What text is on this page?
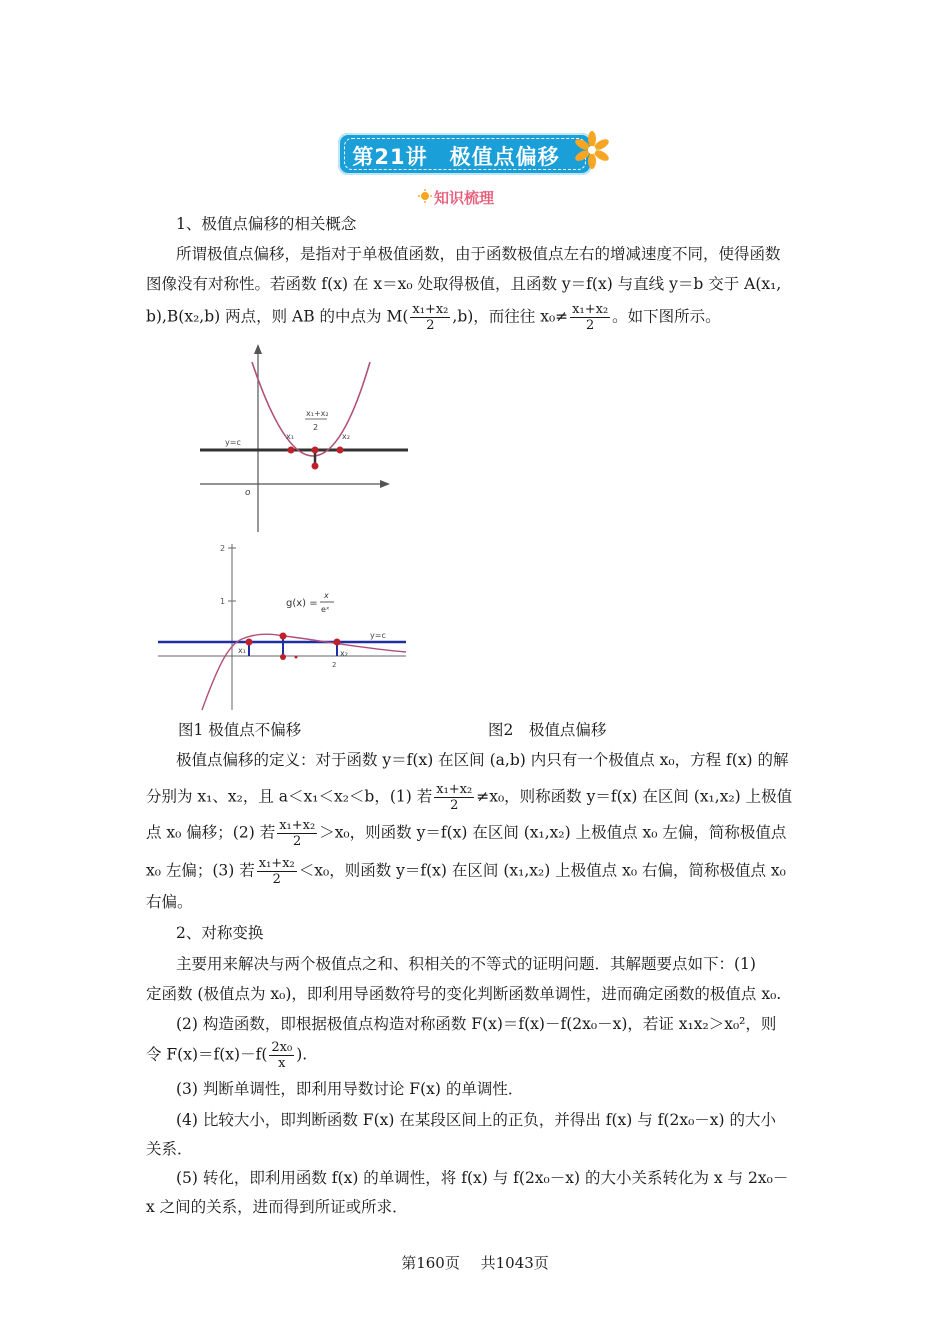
第21讲　极值点偏移
知识梳理
1、极值点偏移的相关概念
所谓极值点偏移，是指对于单极值函数，由于函数极值点左右的增减速度不同，使得函数
图像没有对称性。若函数 f(x) 在 x＝x₀ 处取得极值，且函数 y＝f(x) 与直线 y＝b 交于 A(x₁,
b),B(x₂,b) 两点，则 AB 的中点为 $M( \frac{\text{x₁+x₂}}{2} ,b)$，而往往 $x_0\ne \frac{\text{x₁+x₂}}{2}$ 。如下图所示。
y=c
x₁	x₂
x₁+x₂
2
o
2
1	g(x) =
x
eˣ
y=c
x₁	x₂
2
图1 极值点不偏移	图2　极值点偏移
极值点偏移的定义：对于函数 y＝f(x) 在区间 (a,b) 内只有一个极值点 x₀，方程 f(x) 的解
分别为 x₁、x₂，且 a＜x₁＜x₂＜b，(1) 若 $\frac{\text{x₁+x₂}}{2} \ne x_0$，则称函数 y＝f(x) 在区间 (x₁,x₂) 上极值
点 x₀ 偏移；(2) 若 $\frac{\text{x₁+x₂}}{2} >x_0$，则函数 y＝f(x) 在区间 (x₁,x₂) 上极值点 x₀ 左偏，简称极值点
x₀ 左偏；(3) 若 $\frac{\text{x₁+x₂}}{2} <x_0$，则函数 y＝f(x) 在区间 (x₁,x₂) 上极值点 x₀ 右偏，简称极值点 x₀
右偏。
2、对称变换
主要用来解决与两个极值点之和、积相关的不等式的证明问题．其解题要点如下：(1)
定函数 (极值点为 x₀)，即利用导函数符号的变化判断函数单调性，进而确定函数的极值点 x₀.
(2) 构造函数，即根据极值点构造对称函数 F(x)＝f(x)－f(2x₀－x)，若证 x₁x₂＞x₀²，则
令 $F(x)=f(x)-f( \frac{\text{2x₀}}{x}$ ).
(3) 判断单调性，即利用导数讨论 F(x) 的单调性．
(4) 比较大小，即判断函数 F(x) 在某段区间上的正负，并得出 f(x) 与 f(2x₀－x) 的大小
关系．
(5) 转化，即利用函数 f(x) 的单调性，将 f(x) 与 f(2x₀－x) 的大小关系转化为 x 与 2x₀－
x 之间的关系，进而得到所证或所求．
第160页 共1043页
